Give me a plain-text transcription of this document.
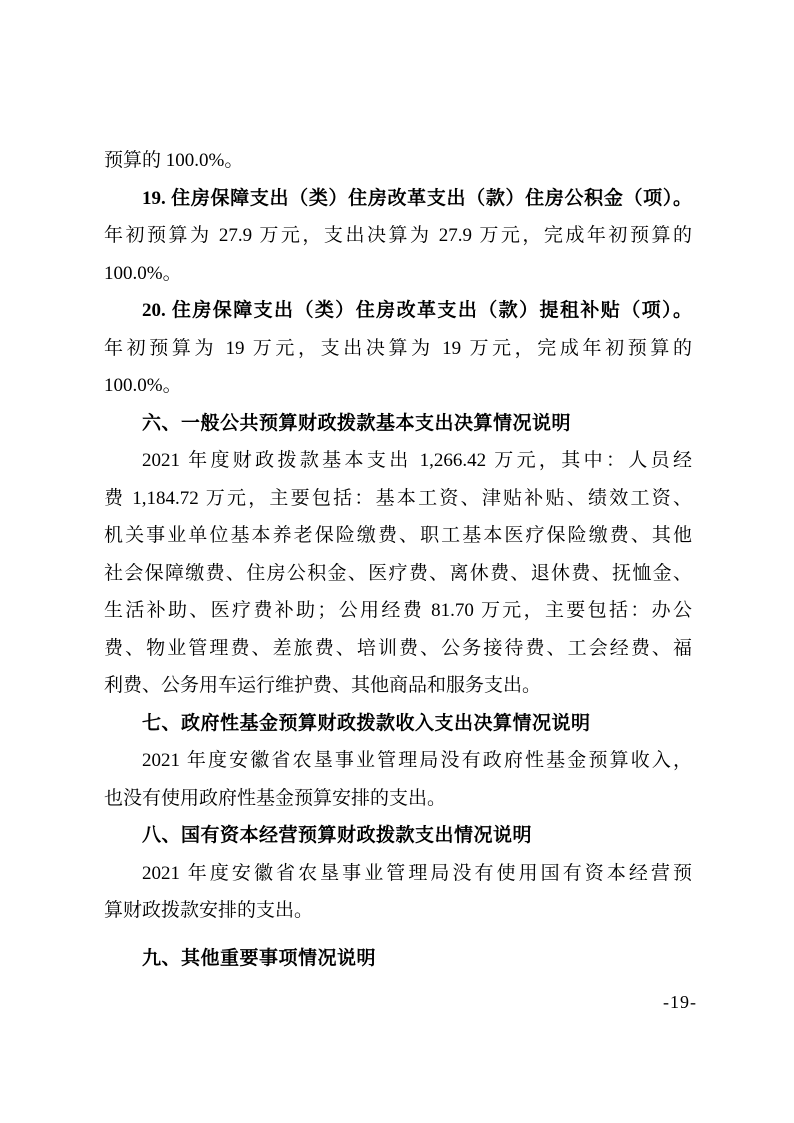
预算的 100.0%。
19. 住房保障支出（类）住房改革支出（款）住房公积金（项）。
年初预算为 27.9 万元，支出决算为 27.9 万元，完成年初预算的
100.0%。
20. 住房保障支出（类）住房改革支出（款）提租补贴（项）。
年初预算为 19 万元，支出决算为 19 万元，完成年初预算的
100.0%。
六、一般公共预算财政拨款基本支出决算情况说明
2021 年度财政拨款基本支出 1,266.42 万元，其中：人员经
费 1,184.72 万元，主要包括：基本工资、津贴补贴、绩效工资、
机关事业单位基本养老保险缴费、职工基本医疗保险缴费、其他
社会保障缴费、住房公积金、医疗费、离休费、退休费、抚恤金、
生活补助、医疗费补助；公用经费 81.70 万元，主要包括：办公
费、物业管理费、差旅费、培训费、公务接待费、工会经费、福
利费、公务用车运行维护费、其他商品和服务支出。
七、政府性基金预算财政拨款收入支出决算情况说明
2021 年度安徽省农垦事业管理局没有政府性基金预算收入，
也没有使用政府性基金预算安排的支出。
八、国有资本经营预算财政拨款支出情况说明
2021 年度安徽省农垦事业管理局没有使用国有资本经营预
算财政拨款安排的支出。
九、其他重要事项情况说明
-19-
